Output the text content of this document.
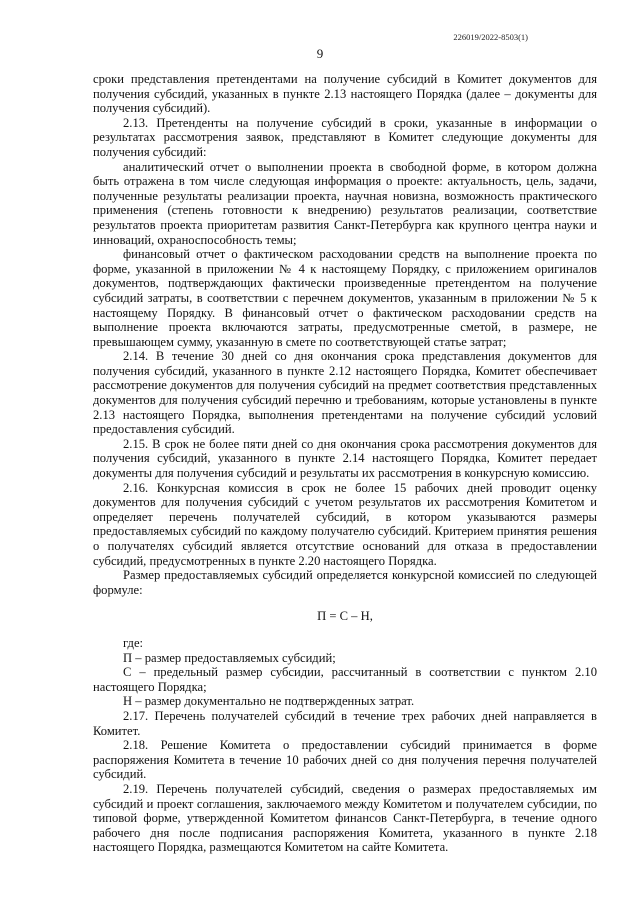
226019/2022-8503(1)
9

сроки представления претендентами на получение субсидий в Комитет документов для получения субсидий, указанных в пункте 2.13 настоящего Порядка (далее – документы для получения субсидий).

2.13. Претенденты на получение субсидий в сроки, указанные в информации о результатах рассмотрения заявок, представляют в Комитет следующие документы для получения субсидий:

аналитический отчет о выполнении проекта в свободной форме, в котором должна быть отражена в том числе следующая информация о проекте: актуальность, цель, задачи, полученные результаты реализации проекта, научная новизна, возможность практического применения (степень готовности к внедрению) результатов реализации, соответствие результатов проекта приоритетам развития Санкт-Петербурга как крупного центра науки и инноваций, охраноспособность темы;

финансовый отчет о фактическом расходовании средств на выполнение проекта по форме, указанной в приложении № 4 к настоящему Порядку, с приложением оригиналов документов, подтверждающих фактически произведенные претендентом на получение субсидий затраты, в соответствии с перечнем документов, указанным в приложении № 5 к настоящему Порядку. В финансовый отчет о фактическом расходовании средств на выполнение проекта включаются затраты, предусмотренные сметой, в размере, не превышающем сумму, указанную в смете по соответствующей статье затрат;

2.14. В течение 30 дней со дня окончания срока представления документов для получения субсидий, указанного в пункте 2.12 настоящего Порядка, Комитет обеспечивает рассмотрение документов для получения субсидий на предмет соответствия представленных документов для получения субсидий перечню и требованиям, которые установлены в пункте 2.13 настоящего Порядка, выполнения претендентами на получение субсидий условий предоставления субсидий.

2.15. В срок не более пяти дней со дня окончания срока рассмотрения документов для получения субсидий, указанного в пункте 2.14 настоящего Порядка, Комитет передает документы для получения субсидий и результаты их рассмотрения в конкурсную комиссию.

2.16. Конкурсная комиссия в срок не более 15 рабочих дней проводит оценку документов для получения субсидий с учетом результатов их рассмотрения Комитетом и определяет перечень получателей субсидий, в котором указываются размеры предоставляемых субсидий по каждому получателю субсидий. Критерием принятия решения о получателях субсидий является отсутствие оснований для отказа в предоставлении субсидий, предусмотренных в пункте 2.20 настоящего Порядка.

Размер предоставляемых субсидий определяется конкурсной комиссией по следующей формуле:

П = С – Н,

где:

П – размер предоставляемых субсидий;

С – предельный размер субсидии, рассчитанный в соответствии с пунктом 2.10 настоящего Порядка;

Н – размер документально не подтвержденных затрат.

2.17. Перечень получателей субсидий в течение трех рабочих дней направляется в Комитет.

2.18. Решение Комитета о предоставлении субсидий принимается в форме распоряжения Комитета в течение 10 рабочих дней со дня получения перечня получателей субсидий.

2.19. Перечень получателей субсидий, сведения о размерах предоставляемых им субсидий и проект соглашения, заключаемого между Комитетом и получателем субсидии, по типовой форме, утвержденной Комитетом финансов Санкт-Петербурга, в течение одного рабочего дня после подписания распоряжения Комитета, указанного в пункте 2.18 настоящего Порядка, размещаются Комитетом на сайте Комитета.
